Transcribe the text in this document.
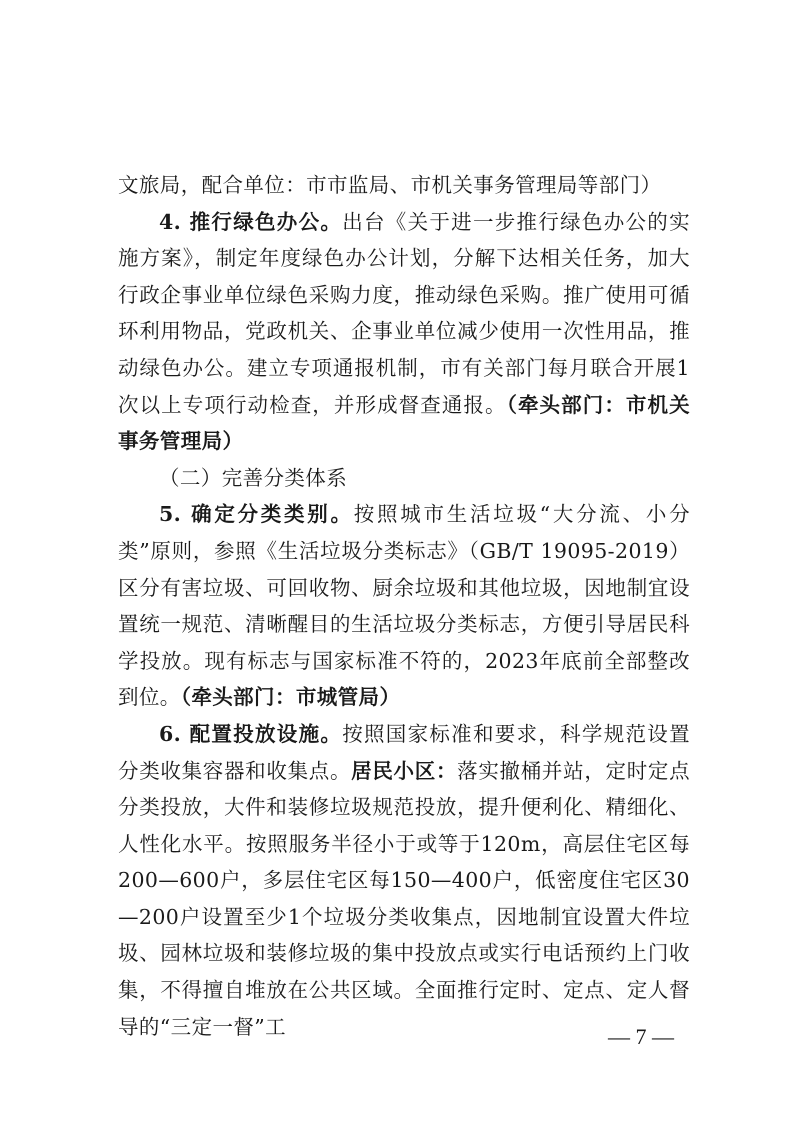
文旅局，配合单位：市市监局、市机关事务管理局等部门）

4. 推行绿色办公。出台《关于进一步推行绿色办公的实施方案》，制定年度绿色办公计划，分解下达相关任务，加大行政企事业单位绿色采购力度，推动绿色采购。推广使用可循环利用物品，党政机关、企事业单位减少使用一次性用品，推动绿色办公。建立专项通报机制，市有关部门每月联合开展1次以上专项行动检查，并形成督查通报。（牵头部门：市机关事务管理局）

（二）完善分类体系

5. 确定分类类别。按照城市生活垃圾“大分流、小分类”原则，参照《生活垃圾分类标志》（GB/T 19095-2019）区分有害垃圾、可回收物、厨余垃圾和其他垃圾，因地制宜设置统一规范、清晰醒目的生活垃圾分类标志，方便引导居民科学投放。现有标志与国家标准不符的，2023年底前全部整改到位。（牵头部门：市城管局）

6. 配置投放设施。按照国家标准和要求，科学规范设置分类收集容器和收集点。居民小区：落实撤桶并站，定时定点分类投放，大件和装修垃圾规范投放，提升便利化、精细化、人性化水平。按照服务半径小于或等于120m，高层住宅区每200—600户，多层住宅区每150—400户，低密度住宅区30—200户设置至少1个垃圾分类收集点，因地制宜设置大件垃圾、园林垃圾和装修垃圾的集中投放点或实行电话预约上门收集，不得擅自堆放在公共区域。全面推行定时、定点、定人督导的“三定一督”工	— 7 —
